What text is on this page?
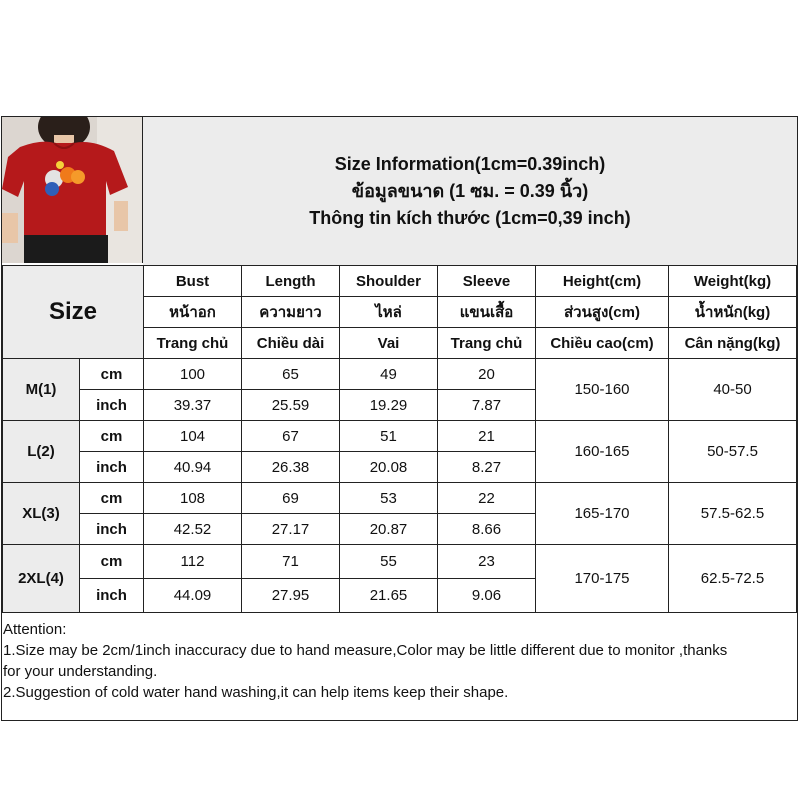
Size Information(1cm=0.39inch)
ข้อมูลขนาด (1 ซม. = 0.39 นิ้ว)
Thông tin kích thước (1cm=0,39 inch)
Size		Bust	Length	Shoulder	Sleeve	Height(cm)	Weight(kg)
		หน้าอก	ความยาว	ไหล่	แขนเสื้อ	ส่วนสูง(cm)	น้ำหนัก(kg)
		Trang chủ	Chiều dài	Vai	Trang chủ	Chiều cao(cm)	Cân nặng(kg)
M(1)	cm	100	65	49	20	150-160	40-50
	inch	39.37	25.59	19.29	7.87		
L(2)	cm	104	67	51	21	160-165	50-57.5
	inch	40.94	26.38	20.08	8.27		
XL(3)	cm	108	69	53	22	165-170	57.5-62.5
	inch	42.52	27.17	20.87	8.66		
2XL(4)	cm	112	71	55	23	170-175	62.5-72.5
	inch	44.09	27.95	21.65	9.06		
Attention:
1.Size may be 2cm/1inch inaccuracy due to hand measure,Color may be little different due to monitor ,thanks
for your understanding.
2.Suggestion of cold water hand washing,it can help items keep their shape.
